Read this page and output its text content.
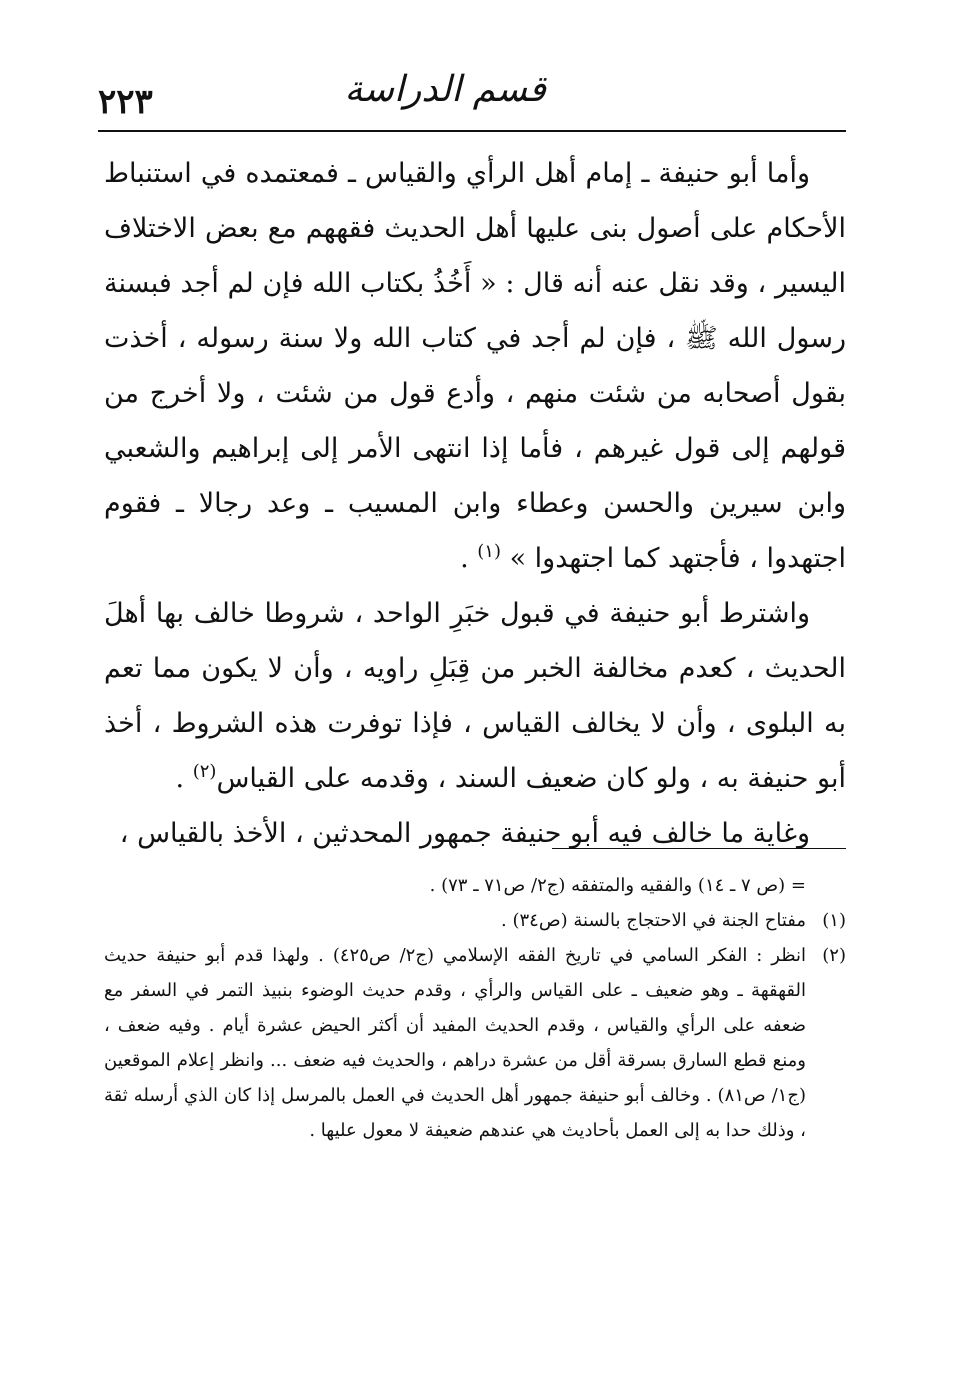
قسم الدراسة
٢٢٣

وأما أبو حنيفة ـ إمام أهل الرأي والقياس ـ فمعتمده في استنباط الأحكام على أصول بنى عليها أهل الحديث فقههم مع بعض الاختلاف اليسير ، وقد نقل عنه أنه قال : « أَخُذُ بكتاب الله فإن لم أجد فبسنة رسول الله ﷺ ، فإن لم أجد في كتاب الله ولا سنة رسوله ، أخذت بقول أصحابه من شئت منهم ، وأدع قول من شئت ، ولا أخرج من قولهم إلى قول غيرهم ، فأما إذا انتهى الأمر إلى إبراهيم والشعبي وابن سيرين والحسن وعطاء وابن المسيب ـ وعد رجالا ـ فقوم اجتهدوا ، فأجتهد كما اجتهدوا » $^{(١)}$ .

واشترط أبو حنيفة في قبول خبَرِ الواحد ، شروطا خالف بها أهلَ الحديث ، كعدم مخالفة الخبر من قِبَلِ راويه ، وأن لا يكون مما تعم به البلوى ، وأن لا يخالف القياس ، فإذا توفرت هذه الشروط ، أخذ أبو حنيفة به ، ولو كان ضعيف السند ، وقدمه على القياس$^{(٢)}$ .

وغاية ما خالف فيه أبو حنيفة جمهور المحدثين ، الأخذ بالقياس ،

= (ص ٧ ـ ١٤) والفقيه والمتفقه (ج٢/ ص٧١ ـ ٧٣) .
(١)
مفتاح الجنة في الاحتجاج بالسنة (ص٣٤) .
(٢)
انظر : الفكر السامي في تاريخ الفقه الإسلامي (ج٢/ ص٤٢٥) . ولهذا قدم أبو حنيفة حديث القهقهة ـ وهو ضعيف ـ على القياس والرأي ، وقدم حديث الوضوء بنبيذ التمر في السفر مع ضعفه على الرأي والقياس ، وقدم الحديث المفيد أن أكثر الحيض عشرة أيام . وفيه ضعف ، ومنع قطع السارق بسرقة أقل من عشرة دراهم ، والحديث فيه ضعف ... وانظر إعلام الموقعين (ج١/ ص٨١) . وخالف أبو حنيفة جمهور أهل الحديث في العمل بالمرسل إذا كان الذي أرسله ثقة ، وذلك حدا به إلى العمل بأحاديث هي عندهم ضعيفة لا معول عليها .
